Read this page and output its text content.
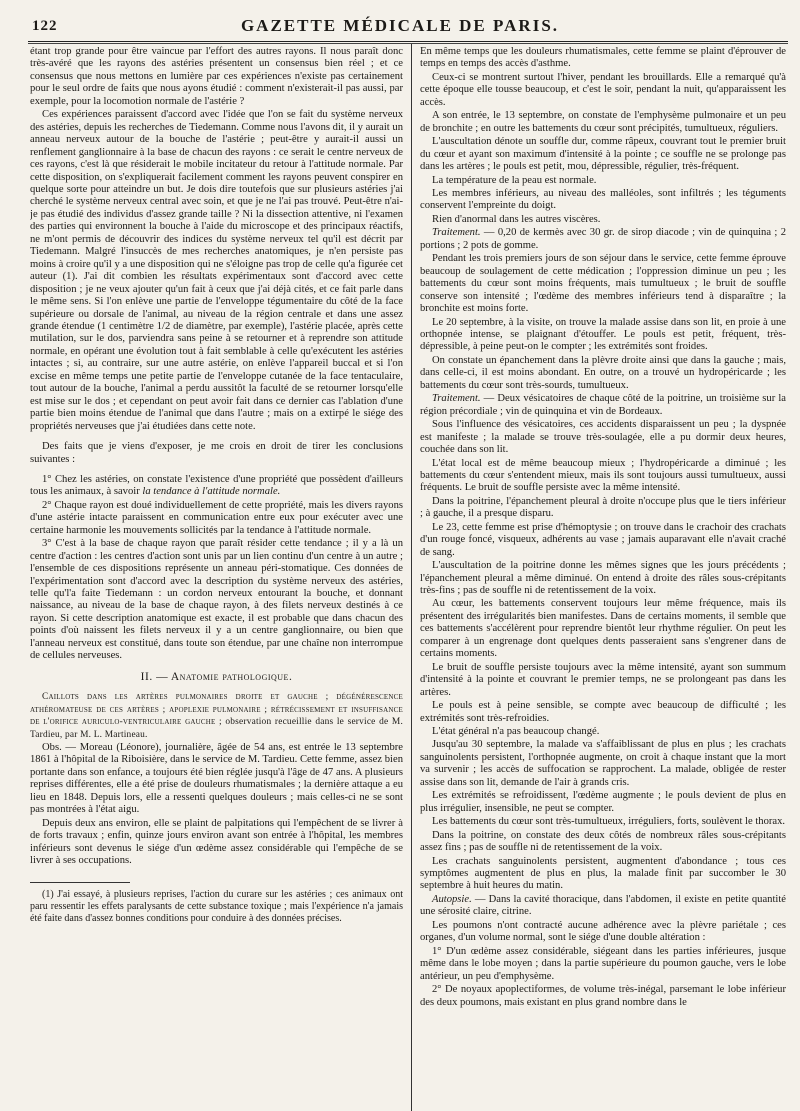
122	GAZETTE MÉDICALE DE PARIS.

étant trop grande pour être vaincue par l'effort des autres rayons. Il nous paraît donc très-avéré que les rayons des astéries présentent un consensus bien réel ; et ce consensus que nous mettons en lumière par ces expériences n'existe pas certainement pour le seul ordre de faits que nous ayons étudié : comment n'existerait-il pas aussi, par exemple, pour la locomotion normale de l'astérie ?

Ces expériences paraissent d'accord avec l'idée que l'on se fait du système nerveux des astéries, depuis les recherches de Tiedemann. Comme nous l'avons dit, il y aurait un anneau nerveux autour de la bouche de l'astérie ; peut-être y aurait-il aussi un renflement ganglionnaire à la base de chacun des rayons : ce serait le centre nerveux de ces rayons, c'est là que résiderait le mobile incitateur du retour à l'attitude normale. Par cette disposition, on s'expliquerait facilement comment les rayons peuvent conspirer en quelque sorte pour atteindre un but. Je dois dire toutefois que sur plusieurs astéries j'ai cherché le système nerveux central avec soin, et que je ne l'ai pas trouvé. Peut-être n'ai-je pas étudié des individus d'assez grande taille ? Ni la dissection attentive, ni l'examen des parties qui environnent la bouche à l'aide du microscope et des principaux réactifs, ne m'ont permis de découvrir des indices du système nerveux tel qu'il est décrit par Tiedemann. Malgré l'insuccès de mes recherches anatomiques, je n'en persiste pas moins à croire qu'il y a une disposition qui ne s'éloigne pas trop de celle qu'a figurée cet auteur (1). J'ai dit combien les résultats expérimentaux sont d'accord avec cette disposition ; je ne veux ajouter qu'un fait à ceux que j'ai déjà cités, et ce fait parle dans le même sens. Si l'on enlève une partie de l'enveloppe tégumentaire du côté de la face supérieure ou dorsale de l'animal, au niveau de la région centrale et dans une assez grande étendue (1 centimètre 1/2 de diamètre, par exemple), l'astérie placée, après cette mutilation, sur le dos, parviendra sans peine à se retourner et à reprendre son attitude normale, en opérant une évolution tout à fait semblable à celle qu'exécutent les astéries intactes ; si, au contraire, sur une autre astérie, on enlève l'appareil buccal et si l'on excise en même temps une petite partie de l'enveloppe cutanée de la face tentaculaire, tout autour de la bouche, l'animal a perdu aussitôt la faculté de se retourner lorsqu'elle est mise sur le dos ; et cependant on peut avoir fait dans ce dernier cas l'ablation d'une partie bien moins étendue de l'animal que dans l'autre ; mais on a extirpé le siége des propriétés nerveuses que j'ai étudiées dans cette note.

Des faits que je viens d'exposer, je me crois en droit de tirer les conclusions suivantes :

1° Chez les astéries, on constate l'existence d'une propriété que possèdent d'ailleurs tous les animaux, à savoir la tendance à l'attitude normale.

2° Chaque rayon est doué individuellement de cette propriété, mais les divers rayons d'une astérie intacte paraissent en communication entre eux pour exécuter avec une certaine harmonie les mouvements sollicités par la tendance à l'attitude normale.

3° C'est à la base de chaque rayon que paraît résider cette tendance ; il y a là un centre d'action : les centres d'action sont unis par un lien continu d'un centre à un autre ; l'ensemble de ces dispositions représente un anneau péri-stomatique. Ces données de l'expérimentation sont d'accord avec la description du système nerveux des astéries, telle qu'l'a faite Tiedemann : un cordon nerveux entourant la bouche, et donnant naissance, au niveau de la base de chaque rayon, à des filets nerveux destinés à ce rayon. Si cette description anatomique est exacte, il est probable que dans chacun des points d'où naissent les filets nerveux il y a un centre ganglionnaire, ou bien que l'anneau nerveux est constitué, dans toute son étendue, par une chaîne non interrompue de cellules nerveuses.

II. — Anatomie pathologique.

Caillots dans les artères pulmonaires droite et gauche ; dégénérescence athéromateuse de ces artères ; apoplexie pulmonaire ; rétrécissement et insuffisance de l'orifice auriculo-ventriculaire gauche ; observation recueillie dans le service de M. Tardieu, par M. L. Martineau.

Obs. — Moreau (Léonore), journalière, âgée de 54 ans, est entrée le 13 septembre 1861 à l'hôpital de la Riboisière, dans le service de M. Tardieu. Cette femme, assez bien portante dans son enfance, a toujours été bien réglée jusqu'à l'âge de 47 ans. A plusieurs reprises différentes, elle a été prise de douleurs rhumatismales ; la dernière attaque a eu lieu en 1848. Depuis lors, elle a ressenti quelques douleurs ; mais celles-ci ne se sont pas montrées à l'état aigu.

Depuis deux ans environ, elle se plaint de palpitations qui l'empêchent de se livrer à de forts travaux ; enfin, quinze jours environ avant son entrée à l'hôpital, les membres inférieurs sont devenus le siége d'un œdème assez considérable qui l'empêche de se livrer à ses occupations.

(1) J'ai essayé, à plusieurs reprises, l'action du curare sur les astéries ; ces animaux ont paru ressentir les effets paralysants de cette substance toxique ; mais l'expérience n'a jamais été faite dans d'assez bonnes conditions pour conduire à des données précises.

En même temps que les douleurs rhumatismales, cette femme se plaint d'éprouver de temps en temps des accès d'asthme.

Ceux-ci se montrent surtout l'hiver, pendant les brouillards. Elle a remarqué qu'à cette époque elle tousse beaucoup, et c'est le soir, pendant la nuit, qu'apparaissent les accès.

A son entrée, le 13 septembre, on constate de l'emphysème pulmonaire et un peu de bronchite ; en outre les battements du cœur sont précipités, tumultueux, réguliers.

L'auscultation dénote un souffle dur, comme râpeux, couvrant tout le premier bruit du cœur et ayant son maximum d'intensité à la pointe ; ce souffle ne se prolonge pas dans les artères ; le pouls est petit, mou, dépressible, régulier, très-fréquent.

La température de la peau est normale.

Les membres inférieurs, au niveau des malléoles, sont infiltrés ; les téguments conservent l'empreinte du doigt.

Rien d'anormal dans les autres viscères.

Traitement. — 0,20 de kermès avec 30 gr. de sirop diacode ; vin de quinquina ; 2 portions ; 2 pots de gomme.

Pendant les trois premiers jours de son séjour dans le service, cette femme éprouve beaucoup de soulagement de cette médication ; l'oppression diminue un peu ; les battements du cœur sont moins fréquents, mais tumultueux ; le bruit de souffle conserve son intensité ; l'œdème des membres inférieurs tend à disparaître ; la bronchite est moins forte.

Le 20 septembre, à la visite, on trouve la malade assise dans son lit, en proie à une orthopnée intense, se plaignant d'étouffer. Le pouls est petit, fréquent, très-dépressible, à peine peut-on le compter ; les extrémités sont froides.

On constate un épanchement dans la plèvre droite ainsi que dans la gauche ; mais, dans celle-ci, il est moins abondant. En outre, on a trouvé un hydropéricarde ; les battements du cœur sont très-sourds, tumultueux.

Traitement. — Deux vésicatoires de chaque côté de la poitrine, un troisième sur la région précordiale ; vin de quinquina et vin de Bordeaux.

Sous l'influence des vésicatoires, ces accidents disparaissent un peu ; la dyspnée est manifeste ; la malade se trouve très-soulagée, elle a pu dormir deux heures, couchée dans son lit.

L'état local est de même beaucoup mieux ; l'hydropéricarde a diminué ; les battements du cœur s'entendent mieux, mais ils sont toujours aussi tumultueux, aussi fréquents. Le bruit de souffle persiste avec la même intensité.

Dans la poitrine, l'épanchement pleural à droite n'occupe plus que le tiers inférieur ; à gauche, il a presque disparu.

Le 23, cette femme est prise d'hémoptysie ; on trouve dans le crachoir des crachats d'un rouge foncé, visqueux, adhérents au vase ; jamais auparavant elle n'avait craché de sang.

L'auscultation de la poitrine donne les mêmes signes que les jours précédents ; l'épanchement pleural a même diminué. On entend à droite des râles sous-crépitants très-fins ; pas de souffle ni de retentissement de la voix.

Au cœur, les battements conservent toujours leur même fréquence, mais ils présentent des irrégularités bien manifestes. Dans de certains moments, il semble que ces battements s'accélèrent pour reprendre bientôt leur rhythme régulier. On peut les comparer à un engrenage dont quelques dents passeraient sans s'engrener dans de certains moments.

Le bruit de souffle persiste toujours avec la même intensité, ayant son summum d'intensité à la pointe et couvrant le premier temps, ne se prolongeant pas dans les artères.

Le pouls est à peine sensible, se compte avec beaucoup de difficulté ; les extrémités sont très-refroidies.

L'état général n'a pas beaucoup changé.

Jusqu'au 30 septembre, la malade va s'affaiblissant de plus en plus ; les crachats sanguinolents persistent, l'orthopnée augmente, on croit à chaque instant que la mort va survenir ; les accès de suffocation se rapprochent. La malade, obligée de rester assise dans son lit, demande de l'air à grands cris.

Les extrémités se refroidissent, l'œdème augmente ; le pouls devient de plus en plus irrégulier, insensible, ne peut se compter.

Les battements du cœur sont très-tumultueux, irréguliers, forts, soulèvent le thorax.

Dans la poitrine, on constate des deux côtés de nombreux râles sous-crépitants assez fins ; pas de souffle ni de retentissement de la voix.

Les crachats sanguinolents persistent, augmentent d'abondance ; tous ces symptômes augmentent de plus en plus, la malade finit par succomber le 30 septembre à huit heures du matin.

Autopsie. — Dans la cavité thoracique, dans l'abdomen, il existe en petite quantité une sérosité claire, citrine.

Les poumons n'ont contracté aucune adhérence avec la plèvre pariétale ; ces organes, d'un volume normal, sont le siége d'une double altération :

1° D'un œdème assez considérable, siégeant dans les parties inférieures, jusque même dans le lobe moyen ; dans la partie supérieure du poumon gauche, vers le lobe antérieur, un peu d'emphysème.

2° De noyaux apoplectiformes, de volume très-inégal, parsemant le lobe inférieur des deux poumons, mais existant en plus grand nombre dans le
